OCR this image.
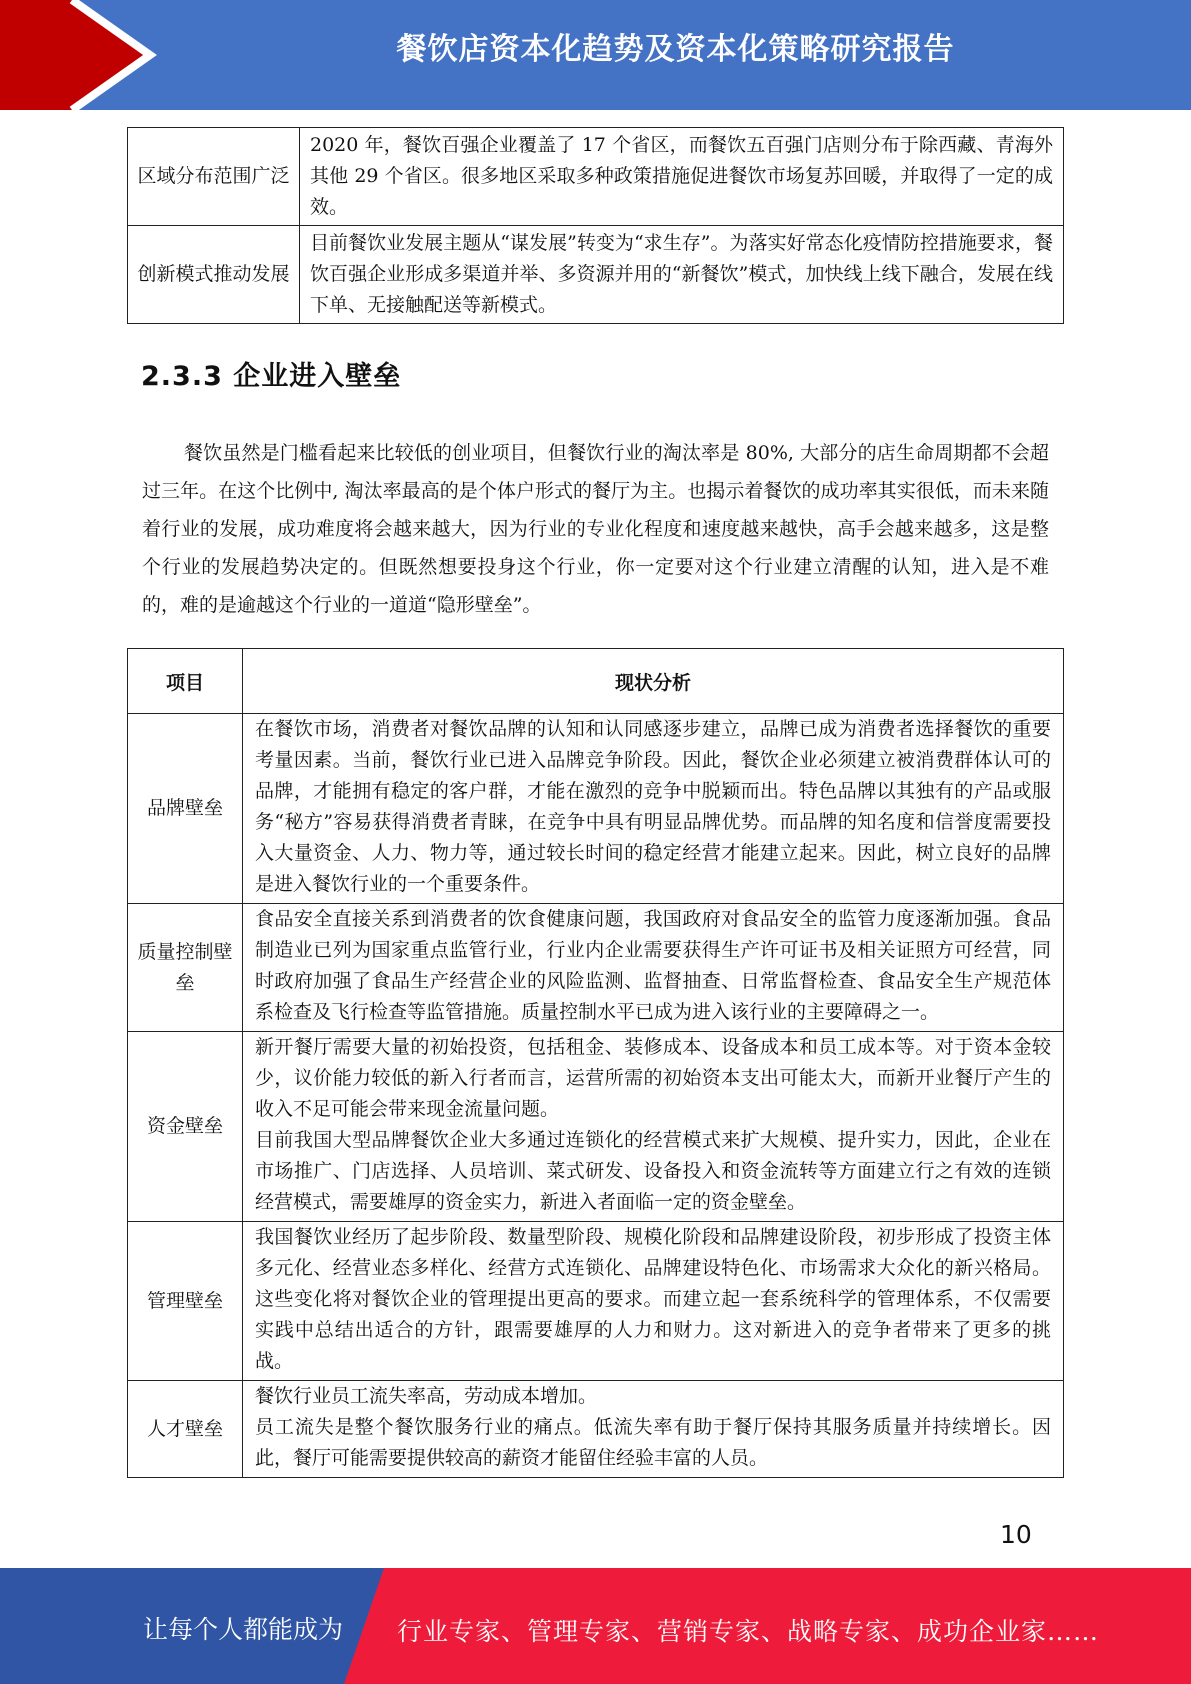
餐饮店资本化趋势及资本化策略研究报告
区域分布范围广泛	2020 年，餐饮百强企业覆盖了 17 个省区，而餐饮五百强门店则分布于除西藏、青海外其他 29 个省区。很多地区采取多种政策措施促进餐饮市场复苏回暖，并取得了一定的成效。
创新模式推动发展	目前餐饮业发展主题从“谋发展”转变为“求生存”。为落实好常态化疫情防控措施要求，餐饮百强企业形成多渠道并举、多资源并用的“新餐饮”模式，加快线上线下融合，发展在线下单、无接触配送等新模式。
2.3.3 企业进入壁垒

餐饮虽然是门槛看起来比较低的创业项目，但餐饮行业的淘汰率是 80%, 大部分的店生命周期都不会超过三年。在这个比例中, 淘汰率最高的是个体户形式的餐厅为主。也揭示着餐饮的成功率其实很低，而未来随着行业的发展，成功难度将会越来越大，因为行业的专业化程度和速度越来越快，高手会越来越多，这是整个行业的发展趋势决定的。但既然想要投身这个行业，你一定要对这个行业建立清醒的认知，进入是不难的，难的是逾越这个行业的一道道“隐形壁垒”。

项目	现状分析
品牌壁垒	在餐饮市场，消费者对餐饮品牌的认知和认同感逐步建立，品牌已成为消费者选择餐饮的重要考量因素。当前，餐饮行业已进入品牌竞争阶段。因此，餐饮企业必须建立被消费群体认可的品牌，才能拥有稳定的客户群，才能在激烈的竞争中脱颖而出。特色品牌以其独有的产品或服务“秘方”容易获得消费者青睐，在竞争中具有明显品牌优势。而品牌的知名度和信誉度需要投入大量资金、人力、物力等，通过较长时间的稳定经营才能建立起来。因此，树立良好的品牌是进入餐饮行业的一个重要条件。

质量控制壁垒	食品安全直接关系到消费者的饮食健康问题，我国政府对食品安全的监管力度逐渐加强。食品制造业已列为国家重点监管行业，行业内企业需要获得生产许可证书及相关证照方可经营，同时政府加强了食品生产经营企业的风险监测、监督抽查、日常监督检查、食品安全生产规范体系检查及飞行检查等监管措施。质量控制水平已成为进入该行业的主要障碍之一。

资金壁垒	新开餐厅需要大量的初始投资，包括租金、装修成本、设备成本和员工成本等。对于资本金较少，议价能力较低的新入行者而言，运营所需的初始资本支出可能太大，而新开业餐厅产生的收入不足可能会带来现金流量问题。

目前我国大型品牌餐饮企业大多通过连锁化的经营模式来扩大规模、提升实力，因此，企业在市场推广、门店选择、人员培训、菜式研发、设备投入和资金流转等方面建立行之有效的连锁经营模式，需要雄厚的资金实力，新进入者面临一定的资金壁垒。

管理壁垒	我国餐饮业经历了起步阶段、数量型阶段、规模化阶段和品牌建设阶段，初步形成了投资主体多元化、经营业态多样化、经营方式连锁化、品牌建设特色化、市场需求大众化的新兴格局。这些变化将对餐饮企业的管理提出更高的要求。而建立起一套系统科学的管理体系，不仅需要实践中总结出适合的方针，跟需要雄厚的人力和财力。这对新进入的竞争者带来了更多的挑战。

人才壁垒	餐饮行业员工流失率高，劳动成本增加。

员工流失是整个餐饮服务行业的痛点。低流失率有助于餐厅保持其服务质量并持续增长。因此，餐厅可能需要提供较高的薪资才能留住经验丰富的人员。

10
让每个人都能成为 行业专家、管理专家、营销专家、战略专家、成功企业家……
